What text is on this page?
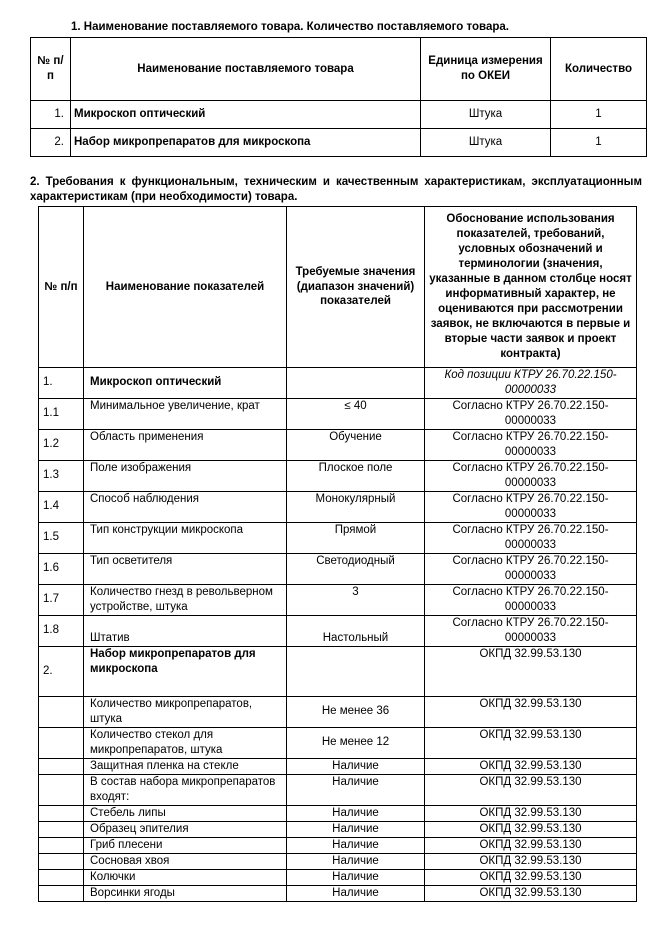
1. Наименование поставляемого товара. Количество поставляемого товара.
№ п/п	Наименование поставляемого товара	Единица измерения по ОКЕИ	Количество
1.	Микроскоп оптический	Штука	1
2.	Набор микропрепаратов для микроскопа	Штука	1
2. Требования к функциональным, техническим и качественным характеристикам, эксплуатационным характеристикам (при необходимости) товара.
№ п/п	Наименование показателей	Требуемые значения (диапазон значений) показателей	Обоснование использования показателей, требований, условных обозначений и терминологии (значения, указанные в данном столбце носят информативный характер, не оцениваются при рассмотрении заявок, не включаются в первые и вторые части заявок и проект контракта)
1.	Микроскоп оптический		Код позиции КТРУ 26.70.22.150-00000033
1.1	Минимальное увеличение, крат	≤ 40	Согласно КТРУ 26.70.22.150-00000033
1.2	Область применения	Обучение	Согласно КТРУ 26.70.22.150-00000033
1.3	Поле изображения	Плоское поле	Согласно КТРУ 26.70.22.150-00000033
1.4	Способ наблюдения	Монокулярный	Согласно КТРУ 26.70.22.150-00000033
1.5	Тип конструкции микроскопа	Прямой	Согласно КТРУ 26.70.22.150-00000033
1.6	Тип осветителя	Светодиодный	Согласно КТРУ 26.70.22.150-00000033
1.7	Количество гнезд в револьверном устройстве, штука	3	Согласно КТРУ 26.70.22.150-00000033
1.8	Штатив	Настольный	Согласно КТРУ 26.70.22.150-00000033
2.	Набор микропрепаратов для микроскопа		ОКПД 32.99.53.130
	Количество микропрепаратов, штука	Не менее 36	ОКПД 32.99.53.130
	Количество стекол для микропрепаратов, штука	Не менее 12	ОКПД 32.99.53.130
	Защитная пленка на стекле	Наличие	ОКПД 32.99.53.130
	В состав набора микропрепаратов входят:	Наличие	ОКПД 32.99.53.130
	Стебель липы	Наличие	ОКПД 32.99.53.130
	Образец эпителия	Наличие	ОКПД 32.99.53.130
	Гриб плесени	Наличие	ОКПД 32.99.53.130
	Сосновая хвоя	Наличие	ОКПД 32.99.53.130
	Колючки	Наличие	ОКПД 32.99.53.130
	Ворсинки ягоды	Наличие	ОКПД 32.99.53.130
